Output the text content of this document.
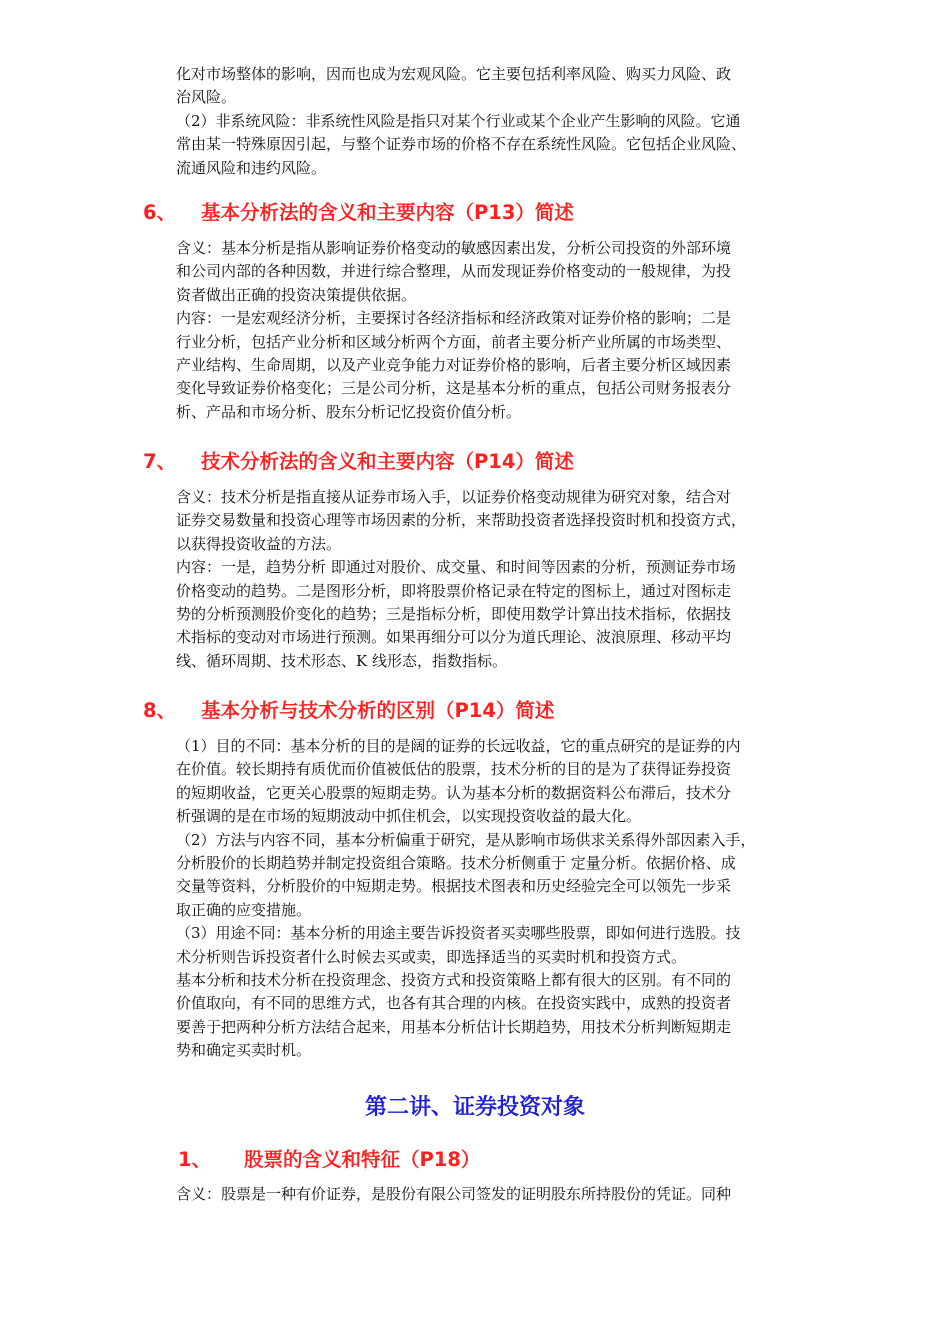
化对市场整体的影响，因而也成为宏观风险。它主要包括利率风险、购买力风险、政
治风险。
（2）非系统风险：非系统性风险是指只对某个行业或某个企业产生影响的风险。它通
常由某一特殊原因引起，与整个证券市场的价格不存在系统性风险。它包括企业风险、
流通风险和违约风险。

6、 基本分析法的含义和主要内容（P13）简述

含义：基本分析是指从影响证券价格变动的敏感因素出发，分析公司投资的外部环境
和公司内部的各种因数，并进行综合整理，从而发现证券价格变动的一般规律，为投
资者做出正确的投资决策提供依据。
内容：一是宏观经济分析，主要探讨各经济指标和经济政策对证券价格的影响；二是
行业分析，包括产业分析和区域分析两个方面，前者主要分析产业所属的市场类型、
产业结构、生命周期，以及产业竞争能力对证券价格的影响，后者主要分析区域因素
变化导致证券价格变化；三是公司分析，这是基本分析的重点，包括公司财务报表分
析、产品和市场分析、股东分析记忆投资价值分析。

7、 技术分析法的含义和主要内容（P14）简述

含义：技术分析是指直接从证券市场入手，以证券价格变动规律为研究对象，结合对
证券交易数量和投资心理等市场因素的分析，来帮助投资者选择投资时机和投资方式，
以获得投资收益的方法。
内容：一是，趋势分析 即通过对股价、成交量、和时间等因素的分析，预测证券市场
价格变动的趋势。二是图形分析，即将股票价格记录在特定的图标上，通过对图标走
势的分析预测股价变化的趋势；三是指标分析，即使用数学计算出技术指标，依据技
术指标的变动对市场进行预测。如果再细分可以分为道氏理论、波浪原理、移动平均
线、循环周期、技术形态、K 线形态，指数指标。

8、 基本分析与技术分析的区别（P14）简述

（1）目的不同：基本分析的目的是阔的证券的长远收益，它的重点研究的是证券的内
在价值。较长期持有质优而价值被低估的股票，技术分析的目的是为了获得证券投资
的短期收益，它更关心股票的短期走势。认为基本分析的数据资料公布滞后，技术分
析强调的是在市场的短期波动中抓住机会，以实现投资收益的最大化。
（2）方法与内容不同，基本分析偏重于研究，是从影响市场供求关系得外部因素入手，
分析股价的长期趋势并制定投资组合策略。技术分析侧重于 定量分析。依据价格、成
交量等资料，分析股价的中短期走势。根据技术图表和历史经验完全可以领先一步采
取正确的应变措施。
（3）用途不同：基本分析的用途主要告诉投资者买卖哪些股票，即如何进行选股。技
术分析则告诉投资者什么时候去买或卖，即选择适当的买卖时机和投资方式。
基本分析和技术分析在投资理念、投资方式和投资策略上都有很大的区别。有不同的
价值取向，有不同的思维方式，也各有其合理的内核。在投资实践中，成熟的投资者
要善于把两种分析方法结合起来，用基本分析估计长期趋势，用技术分析判断短期走
势和确定买卖时机。

第二讲、证券投资对象
1、 股票的含义和特征（P18）

含义：股票是一种有价证券，是股份有限公司签发的证明股东所持股份的凭证。同种
